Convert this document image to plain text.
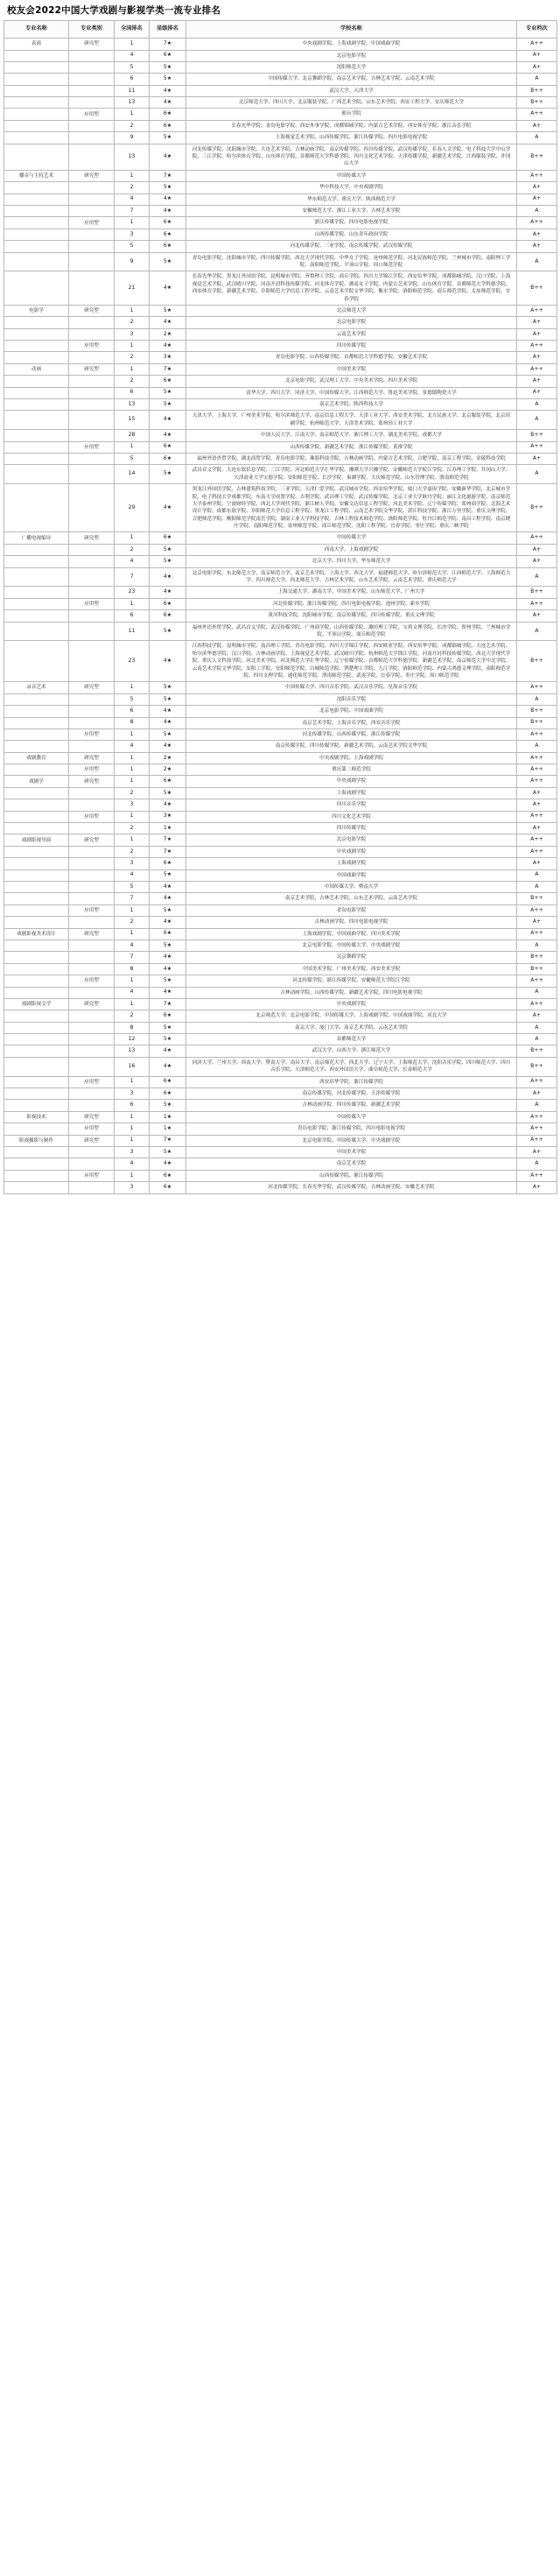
校友会2022中国大学戏剧与影视学类一流专业排名
专业名称	专业类别	全国排名	星级排名	学校名称	专业档次
表演	研究型	1	7★	中央戏剧学院、上海戏剧学院、中国戏曲学院	A++
		4	6★	北京电影学院	A+
		5	5★	沈阳师范大学	A+
		6	5★	中国传媒大学、北京舞蹈学院、南京艺术学院、吉林艺术学院、云南艺术学院	A
		11	4★	武汉大学、天津大学	B++
		13	4★	北京师范大学、四川大学、北京服装学院、广西艺术学院、山东艺术学院、西安工程大学、安庆师范大学	B++
	应用型	1	6★	邢台学院	A++
		2	6★	长春光华学院、青岛电影学院、西安外事学院、成都锦城学院、内蒙古艺术学院、西安体育学院、浙江音乐学院	A+
		9	5★	上海视觉艺术学院、山西传媒学院、浙江传媒学院、四川电影电视学院	A
		13	4★	河北传媒学院、沈阳城市学院、大连艺术学院、吉林动画学院、南京传媒学院、四川传媒学院、武汉传媒学院、长春人文学院、电子科技大学中山学院、三江学院、哈尔滨体育学院、山东体育学院、首都师范大学科德学院、四川文化艺术学院、天津传媒学院、新疆艺术学院、江西服装学院、井冈山大学	B++
播音与主持艺术	研究型	1	7★	中国传媒大学	A++
		2	5★	华中科技大学、中央戏剧学院	A+
		4	4★	华东师范大学、重庆大学、陕西师范大学	A+
		7	4★	安徽师范大学、浙江工业大学、吉林艺术学院	A
	应用型	1	6★	浙江传媒学院、四川电影电视学院	A++
		3	6★	山西传媒学院、山东青年政治学院	A+
		5	6★	河北传媒学院、三亚学院、南京传媒学院、武汉传媒学院	A+
		9	5★	青岛电影学院、沈阳城市学院、四川传媒学院、西北大学现代学院、中华女子学院、沧州师范学院、河北民族师范学院、兰州城市学院、南阳理工学院、南阳师范学院、平顶山学院、周口师范学院	A
		21	4★	长春光华学院、黑龙江外国语学院、昆明城市学院、齐鲁理工学院、商丘学院、四川大学锦江学院、西安培华学院、成都锦城学院、汉口学院、上海视觉艺术学院、武汉晴川学院、河南开封科技传媒学院、河北体育学院、湖南女子学院、内蒙古艺术学院、山东体育学院、首都师范大学科德学院、西安体育学院、新疆艺术学院、阜阳师范大学信息工程学院、云南艺术学院文华学院、衡水学院、洛阳师范学院、商丘师范学院、太原师范学院、宜春学院	B++
电影学	研究型	1	5★	北京师范大学	A++
		2	4★	北京电影学院	A+
		3	2★	云南艺术学院	A+
	应用型	1	4★	四川传媒学院	A++
		2	3★	青岛电影学院、山西传媒学院、首都师范大学科德学院、安徽艺术学院	A+
动画	研究型	1	7★	中国美术学院	A++
		2	6★	北京电影学院、武汉理工大学、中央美术学院、四川美术学院	A+
		6	5★	清华大学、四川大学、同济大学、中国传媒大学、江西师范大学、鲁迅美术学院、景德镇陶瓷大学	A+
		13	5★	南京艺术学院、陕西科技大学	A
		15	4★	天津大学、上海大学、广州美术学院、哈尔滨师范大学、南京信息工程大学、天津工业大学、西安美术学院、北方民族大学、北京服装学院、北京印刷学院、杭州师范大学、天津美术学院、郑州轻工业大学	A
		28	4★	中国人民大学、江南大学、南京师范大学、浙江理工大学、湖北美术学院、成都大学	B++
	应用型	1	6★	山西传媒学院、新疆艺术学院、浙江传媒学院、黄淮学院	A++
		5	6★	福州外语外贸学院、湖北商贸学院、青岛电影学院、珠海科技学院、吉林动画学院、内蒙古艺术学院、合肥学院、南京工程学院、金陵科技学院	A+
		14	5★	武昌首义学院、大连东软信息学院、三江学院、河北师范大学汇华学院、湘潭大学兴湘学院、安徽师范大学皖江学院、江苏理工学院、井冈山大学、天津商业大学宝德学院、安阳师范学院、长沙学院、巢湖学院、大庆师范学院、山东管理学院、渭南师范学院	A
		29	4★	黑龙江外国语学院、吉林建筑科技学院、三亚学院、天津仁爱学院、武汉城市学院、西安培华学院、厦门大学嘉庚学院、安徽新华学院、北京城市学院、电子科技大学成都学院、东南大学成贤学院、吉利学院、武昌理工学院、武汉传媒学院、北京工业大学耿丹学院、丽江文化旅游学院、南京师范大学泰州学院、宁波财经学院、西北大学现代学院、浙江树人学院、安徽文达信息工程学院、河北美术学院、辽宁传媒学院、郑州商学院、北海艺术设计学院、成都东软学院、阜阳师范大学信息工程学院、黑龙江工程学院、云南艺术学院文华学院、湛江科技学院、浙江万里学院、重庆文理学院、合肥师范学院、衡阳师范学院南岳学院、湖南工业大学科技学院、吉林工程技术师范学院、洛阳师范学院、牡丹江师范学院、南昌工程学院、南京晓庄学院、南阳师范学院、泉州师范学院、商丘师范学院、沈阳工程学院、宜春学院、枣庄学院、重庆三峡学院	B++
广播电视编导	研究型	1	6★	中国传媒大学	A++
		2	5★	西南大学、上海戏剧学院	A+
		4	5★	北京大学、四川大学、华东师范大学	A+
		7	4★	北京电影学院、东北师范大学、南京师范大学、南京艺术学院、上海大学、西北大学、福建师范大学、哈尔滨师范大学、江西师范大学、上海师范大学、四川师范大学、西北师范大学、吉林艺术学院、山东艺术学院、云南艺术学院、重庆师范大学	A
		23	4★	上海交通大学、湖南大学、中国美术学院、山东师范大学、广州大学	B++
	应用型	1	6★	河北传媒学院、浙江传媒学院、四川电影电视学院、池州学院、新乡学院	A++
		6	6★	黄河科技学院、沈阳城市学院、南京传媒学院、四川传媒学院、重庆文理学院	A+
		11	5★	福州外语外贸学院、武昌首义学院、武汉传媒学院、广州商学院、山西传媒学院、潍坊理工学院、宝鸡文理学院、长沙学院、贺州学院、兰州城市学院、平顶山学院、商丘师范学院	A
		23	4★	江西科技学院、昆明城市学院、南昌理工学院、青岛电影学院、四川大学锦江学院、西安欧亚学院、西安培华学院、成都锦城学院、大连艺术学院、哈尔滨华德学院、汉口学院、吉林动画学院、上海视觉艺术学院、武汉晴川学院、杭州师范大学钱江学院、河南开封科技传媒学院、西北大学现代学院、重庆人文科技学院、河北美术学院、河北师范大学汇华学院、辽宁传媒学院、首都师范大学科德学院、新疆艺术学院、南京师范大学中北学院、云南艺术学院文华学院、安阳工学院、安阳师范学院、白城师范学院、荆楚理工学院、九江学院、洛阳师范学院、内蒙古鸿德文理学院、南阳师范学院、四川文理学院、通化师范学院、渭南师范学院、武夷学院、宜春学院、枣庄学院、周口师范学院	B++
录音艺术	研究型	1	5★	中国传媒大学、四川音乐学院、武汉音乐学院、星海音乐学院	A++
		5	5★	沈阳音乐学院	A
		6	4★	北京电影学院、中国戏曲学院	B++
		8	4★	南京艺术学院、上海音乐学院、西安音乐学院	B++
	应用型	1	5★	河北传媒学院、山西传媒学院、浙江传媒学院	A++
		4	4★	南京传媒学院、四川传媒学院、新疆艺术学院、云南艺术学院文华学院	A
戏剧教育	研究型	1	2★	中央戏剧学院、上海戏剧学院	A++
	应用型	1	2★	重庆第二师范学院	A++
戏剧学	研究型	1	6★	中央戏剧学院	A++
		2	5★	上海戏剧学院	A+
		3	4★	四川音乐学院	A+
	应用型	1	3★	四川文化艺术学院	A++
		2	1★	四川传媒学院	A+
戏剧影视导演	研究型	1	7★	北京电影学院	A++
		2	7★	中央戏剧学院	A++
		3	6★	上海戏剧学院	A+
		4	5★	中国戏曲学院	A
		5	4★	中国传媒大学、暨南大学	A
		7	4★	南京艺术学院、吉林艺术学院、山东艺术学院、云南艺术学院	B++
	应用型	1	5★	青岛电影学院	A++
		2	4★	吉林动画学院、四川电影电视学院	A+
戏剧影视美术设计	研究型	1	6★	上海戏剧学院、中国戏曲学院、四川美术学院	A++
		4	5★	北京电影学院、中国传媒大学、中央戏剧学院	A
		7	4★	北京舞蹈学院	B++
		8	4★	中国美术学院、广州美术学院、西安美术学院	B++
	应用型	1	5★	河北传媒学院、浙江传媒学院、安徽师范大学皖江学院	A++
		4	4★	吉林动画学院、山西传媒学院、新疆艺术学院、四川电影电视学院	A
戏剧影视文学	研究型	1	7★	中央戏剧学院	A++
		2	6★	北京师范大学、北京电影学院、中国传媒大学、上海戏剧学院、中国戏曲学院、河北大学	A+
		8	5★	南京大学、厦门大学、南京艺术学院、云南艺术学院	A
		12	5★	首都师范大学	A
		13	4★	武汉大学、山西大学、浙江师范大学	B++
		16	4★	同济大学、兰州大学、西南大学、暨南大学、南昌大学、南京师范大学、西北大学、辽宁大学、上海师范大学、沈阳音乐学院、四川师范大学、四川音乐学院、天津师范大学、西安外国语大学、曲阜师范大学、长春师范大学	B++
	应用型	1	6★	西安培华学院、浙江传媒学院	A++
		3	6★	南京传媒学院、河北传媒学院、天津传媒学院	A+
		6	5★	吉林动画学院、四川传媒学院、新疆艺术学院	A
影视技术	研究型	1	1★	中国传媒大学	A++
	应用型	1	1★	青岛电影学院、浙江传媒学院、四川电影电视学院	A++
影视摄影与制作	研究型	1	7★	北京电影学院、中国传媒大学、中央戏剧学院	A++
		3	5★	中国美术学院	A+
		4	4★	南京艺术学院	A
	应用型	1	6★	山西传媒学院、浙江传媒学院	A++
		3	6★	河北传媒学院、长春光华学院、武汉传媒学院、吉林动画学院、安徽艺术学院	A+
